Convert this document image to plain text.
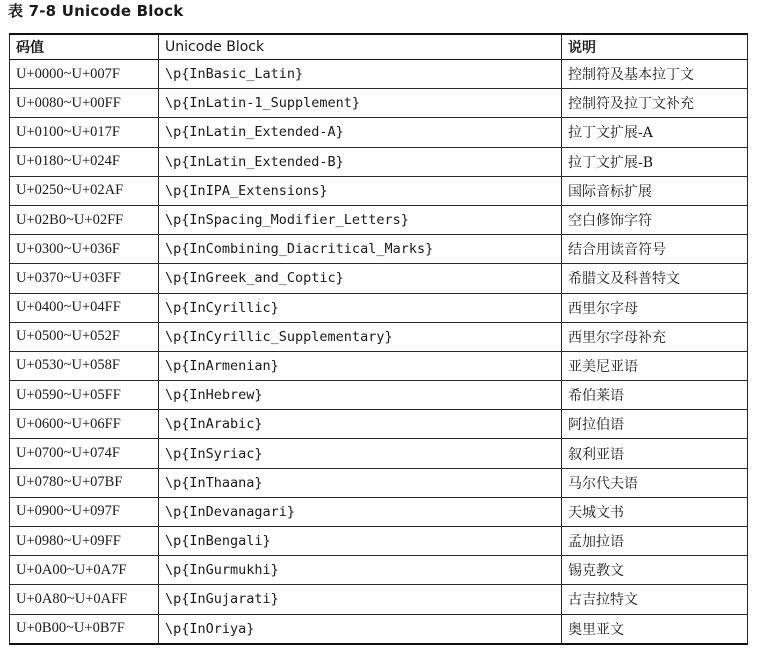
表 7-8 Unicode Block
码值	Unicode Block	说明
U+0000~U+007F	\p{InBasic_Latin}	控制符及基本拉丁文
U+0080~U+00FF	\p{InLatin-1_Supplement}	控制符及拉丁文补充
U+0100~U+017F	\p{InLatin_Extended-A}	拉丁文扩展-A
U+0180~U+024F	\p{InLatin_Extended-B}	拉丁文扩展-B
U+0250~U+02AF	\p{InIPA_Extensions}	国际音标扩展
U+02B0~U+02FF	\p{InSpacing_Modifier_Letters}	空白修饰字符
U+0300~U+036F	\p{InCombining_Diacritical_Marks}	结合用读音符号
U+0370~U+03FF	\p{InGreek_and_Coptic}	希腊文及科普特文
U+0400~U+04FF	\p{InCyrillic}	西里尔字母
U+0500~U+052F	\p{InCyrillic_Supplementary}	西里尔字母补充
U+0530~U+058F	\p{InArmenian}	亚美尼亚语
U+0590~U+05FF	\p{InHebrew}	希伯莱语
U+0600~U+06FF	\p{InArabic}	阿拉伯语
U+0700~U+074F	\p{InSyriac}	叙利亚语
U+0780~U+07BF	\p{InThaana}	马尔代夫语
U+0900~U+097F	\p{InDevanagari}	天城文书
U+0980~U+09FF	\p{InBengali}	孟加拉语
U+0A00~U+0A7F	\p{InGurmukhi}	锡克教文
U+0A80~U+0AFF	\p{InGujarati}	古吉拉特文
U+0B00~U+0B7F	\p{InOriya}	奥里亚文
